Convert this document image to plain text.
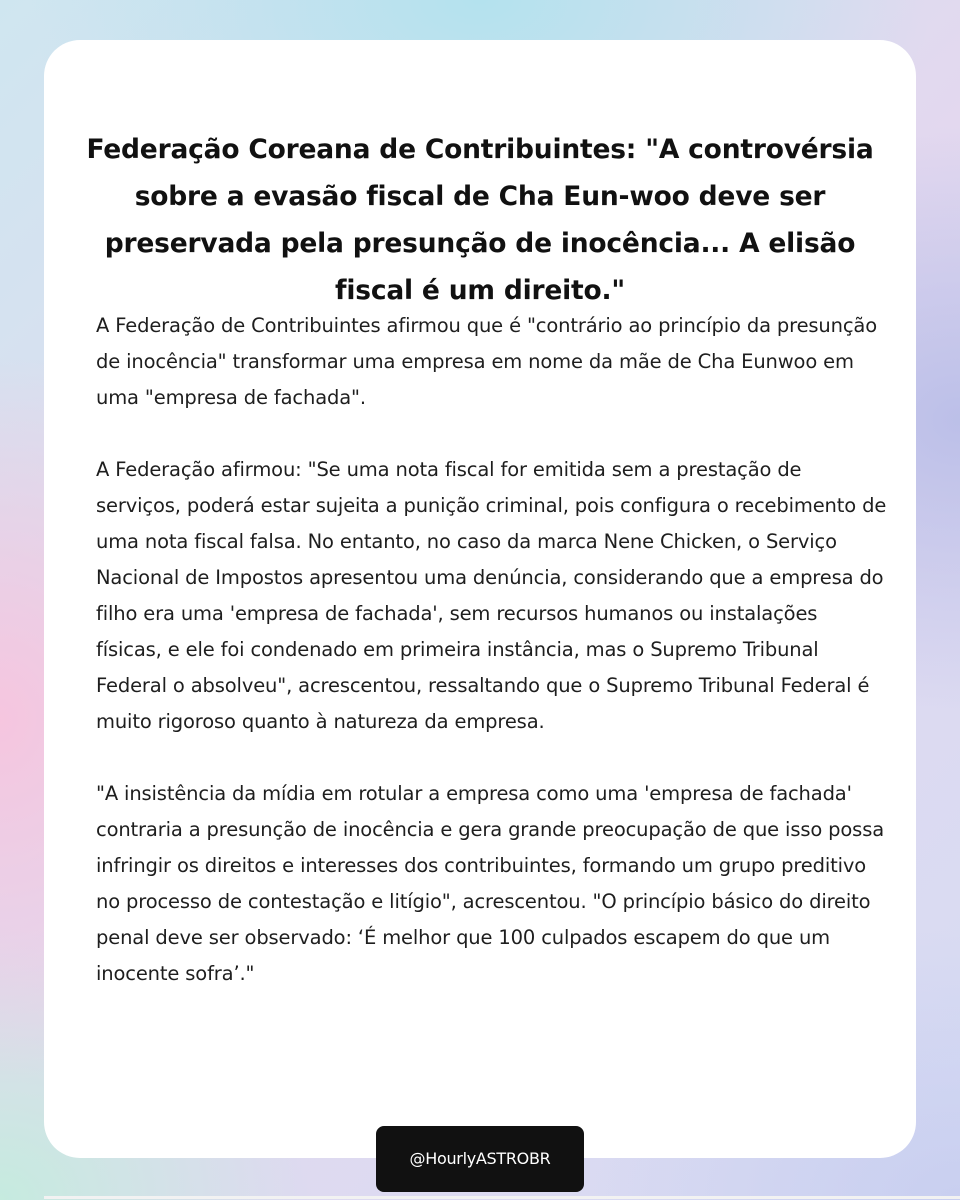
Federação Coreana de Contribuintes: "A controvérsia sobre a evasão fiscal de Cha Eun-woo deve ser preservada pela presunção de inocência... A elisão fiscal é um direito."

A Federação de Contribuintes afirmou que é "contrário ao princípio da presunção de inocência" transformar uma empresa em nome da mãe de Cha Eunwoo em uma "empresa de fachada".

A Federação afirmou: "Se uma nota fiscal for emitida sem a prestação de serviços, poderá estar sujeita a punição criminal, pois configura o recebimento de uma nota fiscal falsa. No entanto, no caso da marca Nene Chicken, o Serviço Nacional de Impostos apresentou uma denúncia, considerando que a empresa do filho era uma 'empresa de fachada', sem recursos humanos ou instalações físicas, e ele foi condenado em primeira instância, mas o Supremo Tribunal Federal o absolveu", acrescentou, ressaltando que o Supremo Tribunal Federal é muito rigoroso quanto à natureza da empresa.

"A insistência da mídia em rotular a empresa como uma 'empresa de fachada' contraria a presunção de inocência e gera grande preocupação de que isso possa infringir os direitos e interesses dos contribuintes, formando um grupo preditivo no processo de contestação e litígio", acrescentou. "O princípio básico do direito penal deve ser observado: ‘É melhor que 100 culpados escapem do que um inocente sofra’."

@HourlyASTROBR
